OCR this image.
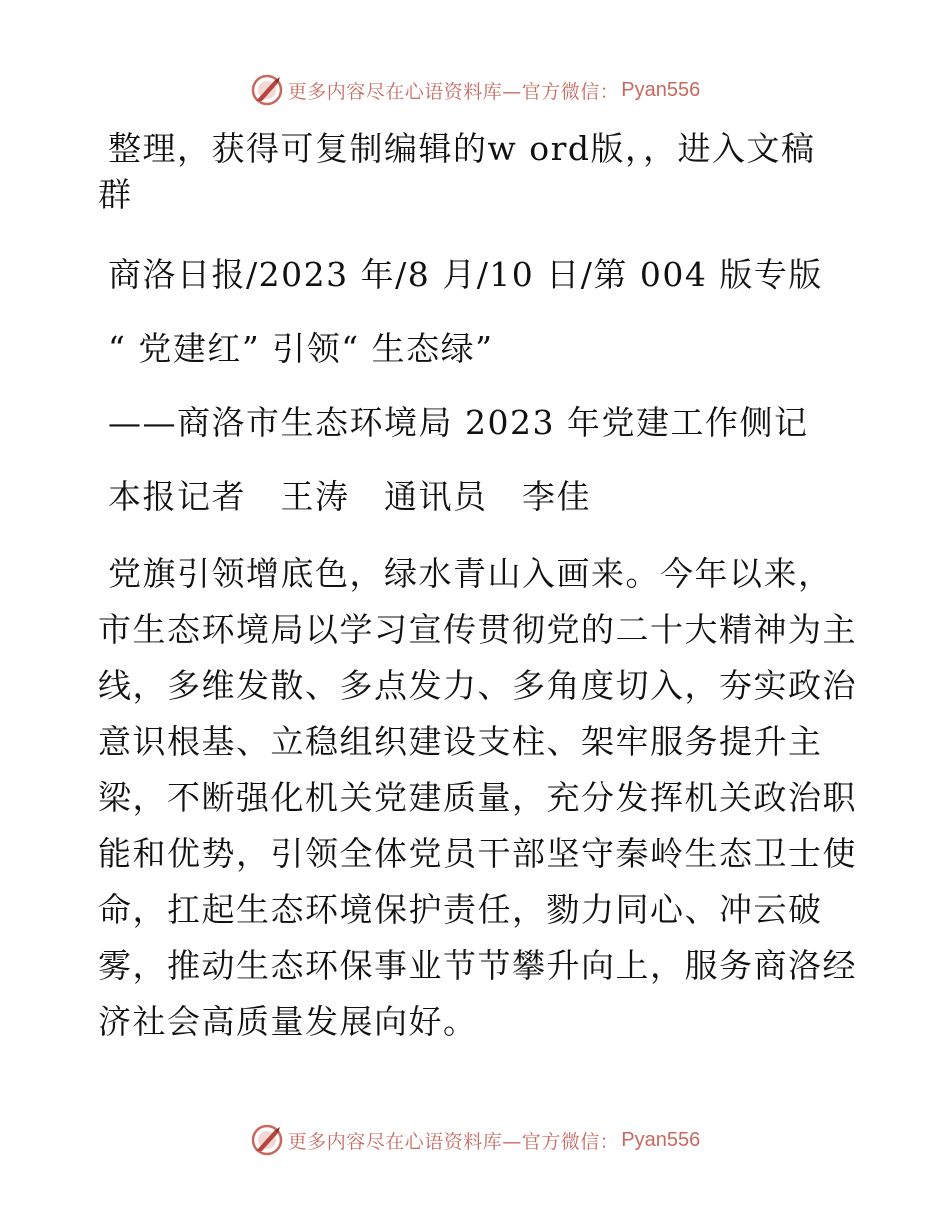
更多内容尽在心语资料库—官方微信： Pyan556

整理，获得可复制编辑的w ord版，，进入文稿

群

商洛日报/2023 年/8 月/10 日/第 004 版专版

“ 党建红” 引领“ 生态绿”

——商洛市生态环境局 2023 年党建工作侧记

本报记者　王涛　通讯员　李佳

党旗引领增底色，绿水青山入画来。今年以来，

市生态环境局以学习宣传贯彻党的二十大精神为主

线，多维发散、多点发力、多角度切入，夯实政治

意识根基、立稳组织建设支柱、架牢服务提升主

梁，不断强化机关党建质量，充分发挥机关政治职

能和优势，引领全体党员干部坚守秦岭生态卫士使

命，扛起生态环境保护责任，勠力同心、冲云破

雾，推动生态环保事业节节攀升向上，服务商洛经

济社会高质量发展向好。

更多内容尽在心语资料库—官方微信： Pyan556
